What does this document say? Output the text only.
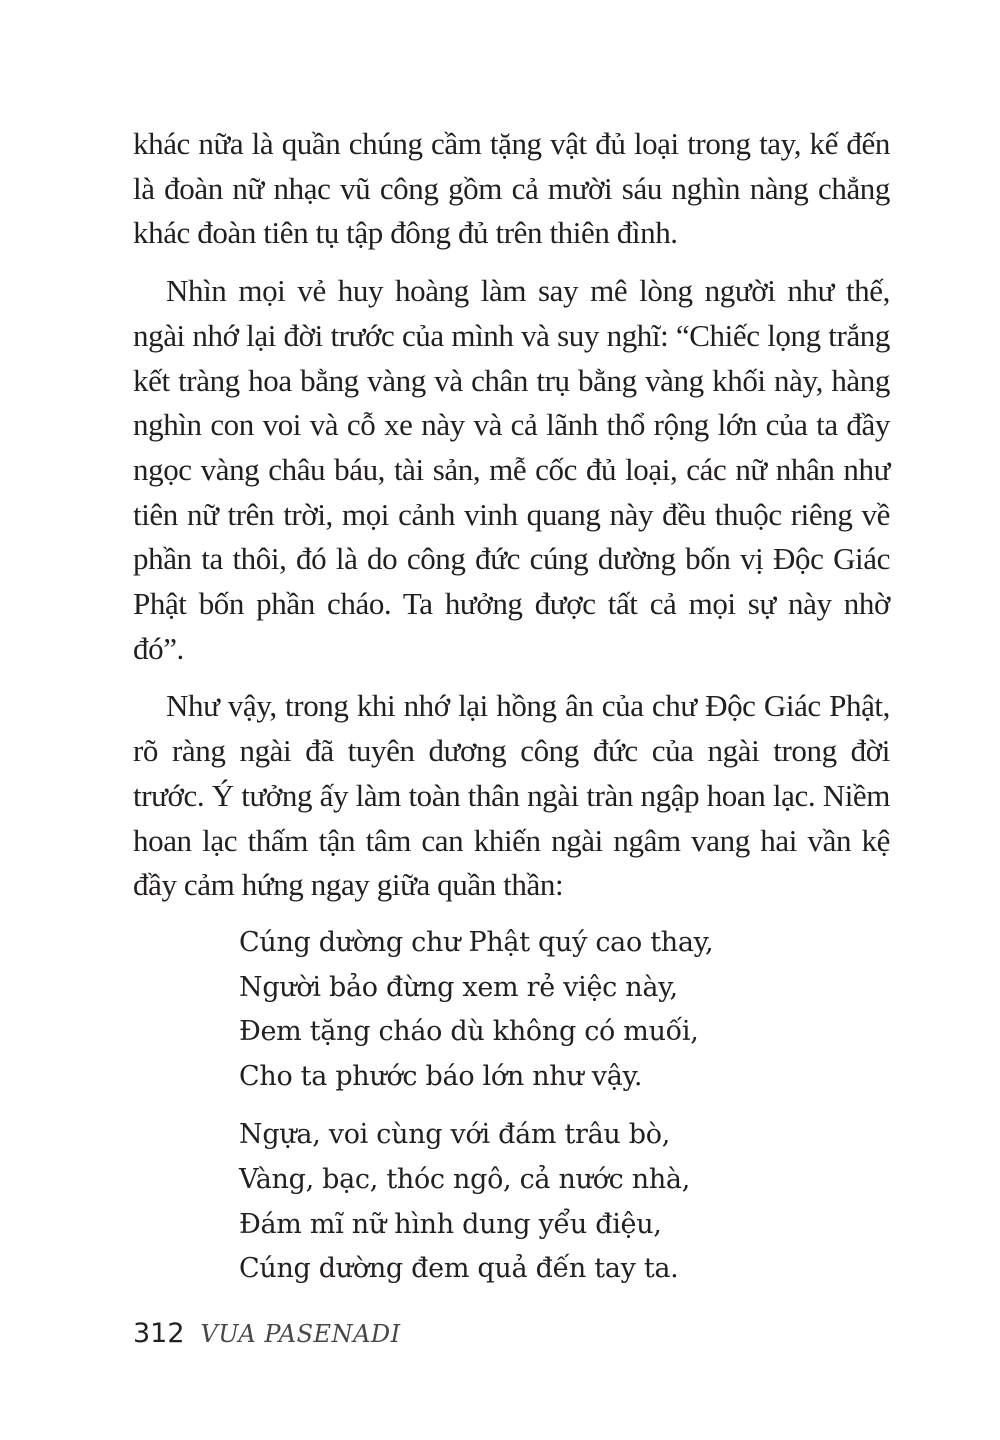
khác nữa là quần chúng cầm tặng vật đủ loại trong tay, kế đến là đoàn nữ nhạc vũ công gồm cả mười sáu nghìn nàng chẳng khác đoàn tiên tụ tập đông đủ trên thiên đình.

Nhìn mọi vẻ huy hoàng làm say mê lòng người như thế, ngài nhớ lại đời trước của mình và suy nghĩ: “Chiếc lọng trắng kết tràng hoa bằng vàng và chân trụ bằng vàng khối này, hàng nghìn con voi và cỗ xe này và cả lãnh thổ rộng lớn của ta đầy ngọc vàng châu báu, tài sản, mễ cốc đủ loại, các nữ nhân như tiên nữ trên trời, mọi cảnh vinh quang này đều thuộc riêng về phần ta thôi, đó là do công đức cúng dường bốn vị Độc Giác Phật bốn phần cháo. Ta hưởng được tất cả mọi sự này nhờ đó”.

Như vậy, trong khi nhớ lại hồng ân của chư Độc Giác Phật, rõ ràng ngài đã tuyên dương công đức của ngài trong đời trước. Ý tưởng ấy làm toàn thân ngài tràn ngập hoan lạc. Niềm hoan lạc thấm tận tâm can khiến ngài ngâm vang hai vần kệ đầy cảm hứng ngay giữa quần thần:

Cúng dường chư Phật quý cao thay,
Người bảo đừng xem rẻ việc này,
Đem tặng cháo dù không có muối,
Cho ta phước báo lớn như vậy.
Ngựa, voi cùng với đám trâu bò,
Vàng, bạc, thóc ngô, cả nước nhà,
Đám mĩ nữ hình dung yểu điệu,
Cúng dường đem quả đến tay ta.
312 VUA PASENADI
